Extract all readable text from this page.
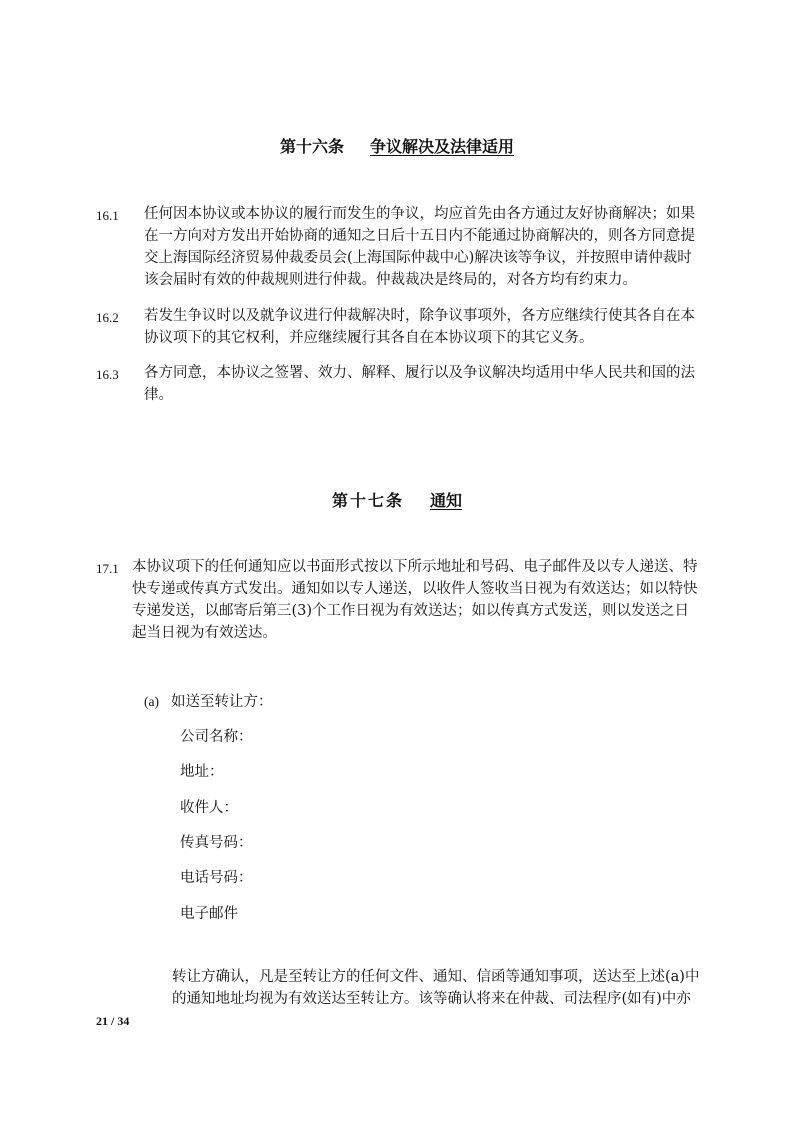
第十六条 争议解决及法律适用
16.1 任何因本协议或本协议的履行而发生的争议，均应首先由各方通过友好协商解决；如果
在一方向对方发出开始协商的通知之日后十五日内不能通过协商解决的，则各方同意提
交上海国际经济贸易仲裁委员会(上海国际仲裁中心)解决该等争议，并按照申请仲裁时
该会届时有效的仲裁规则进行仲裁。仲裁裁决是终局的，对各方均有约束力。
16.2 若发生争议时以及就争议进行仲裁解决时，除争议事项外，各方应继续行使其各自在本
协议项下的其它权利，并应继续履行其各自在本协议项下的其它义务。
16.3 各方同意，本协议之签署、效力、解释、履行以及争议解决均适用中华人民共和国的法
律。
第十七条 通知
17.1 本协议项下的任何通知应以书面形式按以下所示地址和号码、电子邮件及以专人递送、特
快专递或传真方式发出。通知如以专人递送，以收件人签收当日视为有效送达；如以特快
专递发送，以邮寄后第三(3)个工作日视为有效送达；如以传真方式发送，则以发送之日
起当日视为有效送达。
(a) 如送至转让方：
公司名称：
地址：
收件人：
传真号码：
电话号码：
电子邮件
转让方确认，凡是至转让方的任何文件、通知、信函等通知事项，送达至上述(a)中
的通知地址均视为有效送达至转让方。该等确认将来在仲裁、司法程序(如有)中亦
21 / 34
